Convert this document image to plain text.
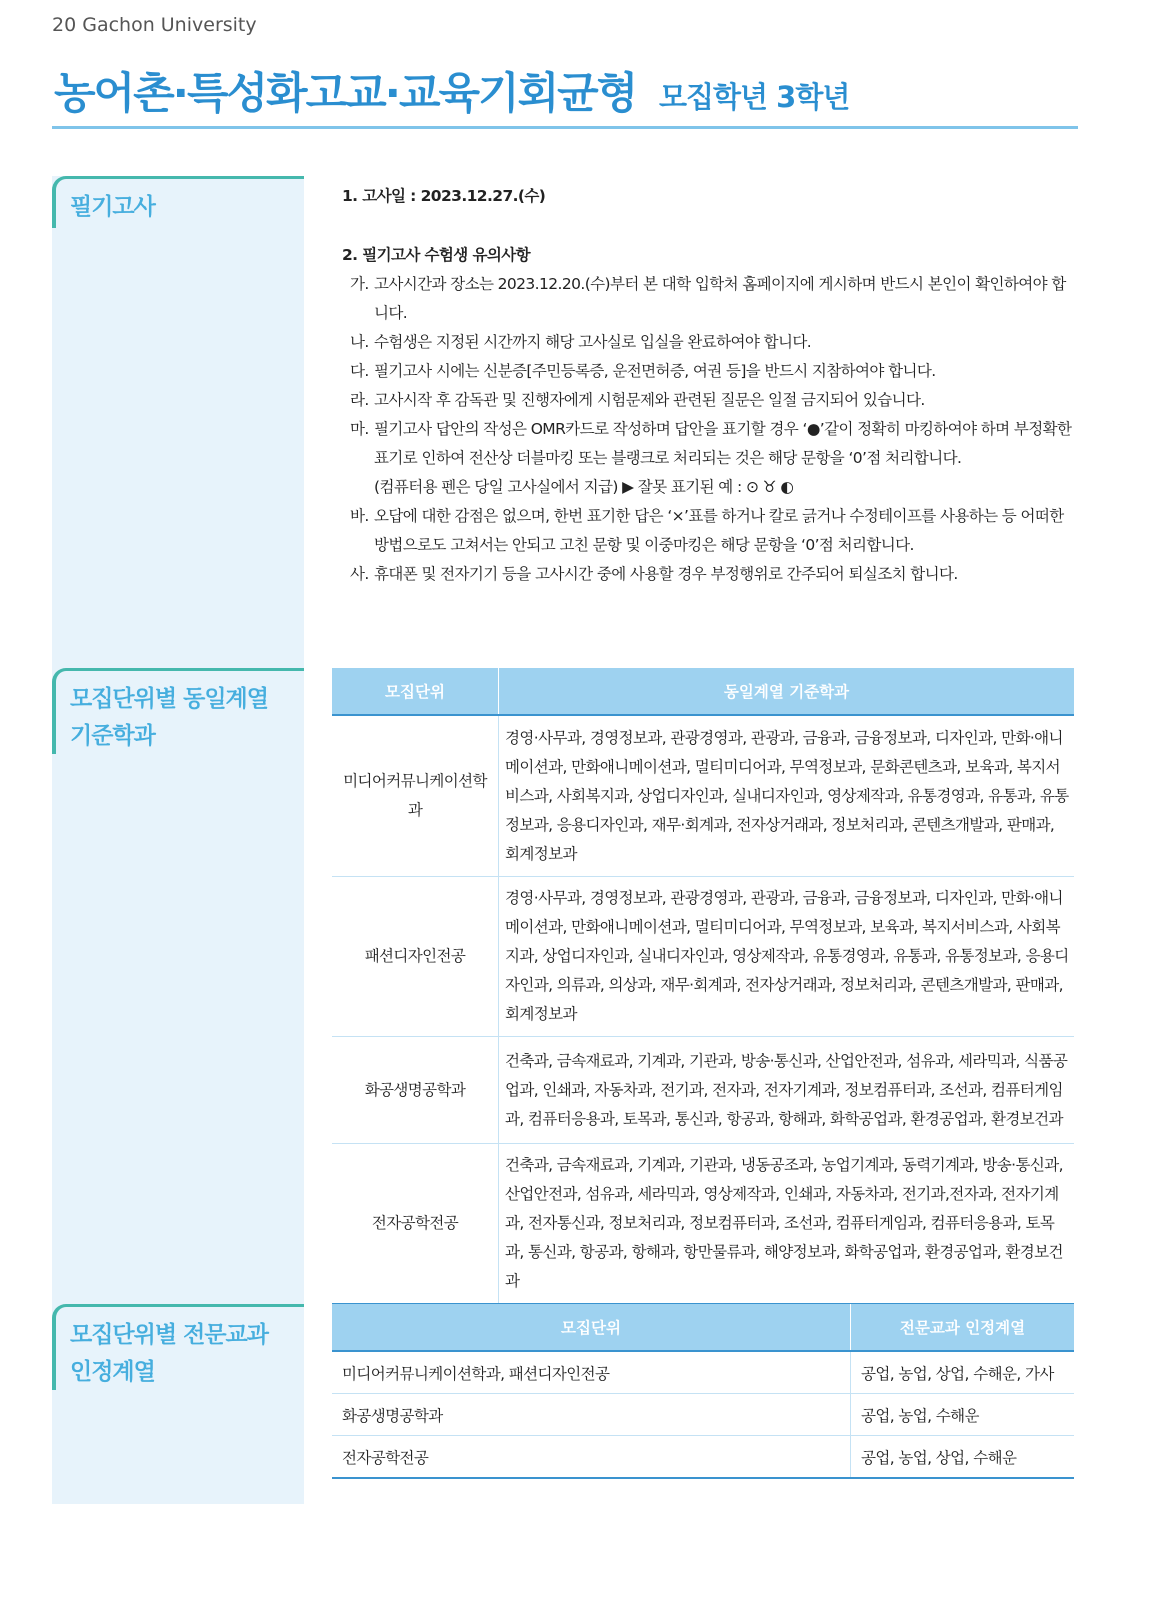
20 Gachon University
농어촌·특성화고교·교육기회균형 모집학년 3학년
필기고사
모집단위별 동일계열
기준학과
모집단위별 전문교과
인정계열
1. 고사일 : 2023.12.27.(수)
2. 필기고사 수험생 유의사항
가. 고사시간과 장소는 2023.12.20.(수)부터 본 대학 입학처 홈페이지에 게시하며 반드시 본인이 확인하여야 합니다.
나. 수험생은 지정된 시간까지 해당 고사실로 입실을 완료하여야 합니다.
다. 필기고사 시에는 신분증[주민등록증, 운전면허증, 여권 등]을 반드시 지참하여야 합니다.
라. 고사시작 후 감독관 및 진행자에게 시험문제와 관련된 질문은 일절 금지되어 있습니다.
마. 필기고사 답안의 작성은 OMR카드로 작성하며 답안을 표기할 경우 ‘●’같이 정확히 마킹하여야 하며 부정확한 표기로 인하여 전산상 더블마킹 또는 블랭크로 처리되는 것은 해당 문항을 ‘0’점 처리합니다.
(컴퓨터용 펜은 당일 고사실에서 지급) ▶ 잘못 표기된 예 : ⊙ ♉ ◐
바. 오답에 대한 감점은 없으며, 한번 표기한 답은 ‘×’표를 하거나 칼로 긁거나 수정테이프를 사용하는 등 어떠한 방법으로도 고쳐서는 안되고 고친 문항 및 이중마킹은 해당 문항을 ‘0’점 처리합니다.
사. 휴대폰 및 전자기기 등을 고사시간 중에 사용할 경우 부정행위로 간주되어 퇴실조치 합니다.
모집단위	동일계열 기준학과
미디어커뮤니케이션학과	경영·사무과, 경영정보과, 관광경영과, 관광과, 금융과, 금융정보과, 디자인과, 만화·애니메이션과, 만화애니메이션과, 멀티미디어과, 무역정보과, 문화콘텐츠과, 보육과, 복지서비스과, 사회복지과, 상업디자인과, 실내디자인과, 영상제작과, 유통경영과, 유통과, 유통정보과, 응용디자인과, 재무·회계과, 전자상거래과, 정보처리과, 콘텐츠개발과, 판매과, 회계정보과
패션디자인전공	경영·사무과, 경영정보과, 관광경영과, 관광과, 금융과, 금융정보과, 디자인과, 만화·애니메이션과, 만화애니메이션과, 멀티미디어과, 무역정보과, 보육과, 복지서비스과, 사회복지과, 상업디자인과, 실내디자인과, 영상제작과, 유통경영과, 유통과, 유통정보과, 응용디자인과, 의류과, 의상과, 재무·회계과, 전자상거래과, 정보처리과, 콘텐츠개발과, 판매과, 회계정보과
화공생명공학과	건축과, 금속재료과, 기계과, 기관과, 방송·통신과, 산업안전과, 섬유과, 세라믹과, 식품공업과, 인쇄과, 자동차과, 전기과, 전자과, 전자기계과, 정보컴퓨터과, 조선과, 컴퓨터게임과, 컴퓨터응용과, 토목과, 통신과, 항공과, 항해과, 화학공업과, 환경공업과, 환경보건과
전자공학전공	건축과, 금속재료과, 기계과, 기관과, 냉동공조과, 농업기계과, 동력기계과, 방송·통신과, 산업안전과, 섬유과, 세라믹과, 영상제작과, 인쇄과, 자동차과, 전기과,전자과, 전자기계과, 전자통신과, 정보처리과, 정보컴퓨터과, 조선과, 컴퓨터게임과, 컴퓨터응용과, 토목과, 통신과, 항공과, 항해과, 항만물류과, 해양정보과, 화학공업과, 환경공업과, 환경보건과
모집단위	전문교과 인정계열
미디어커뮤니케이션학과, 패션디자인전공	공업, 농업, 상업, 수해운, 가사
화공생명공학과	공업, 농업, 수해운
전자공학전공	공업, 농업, 상업, 수해운
